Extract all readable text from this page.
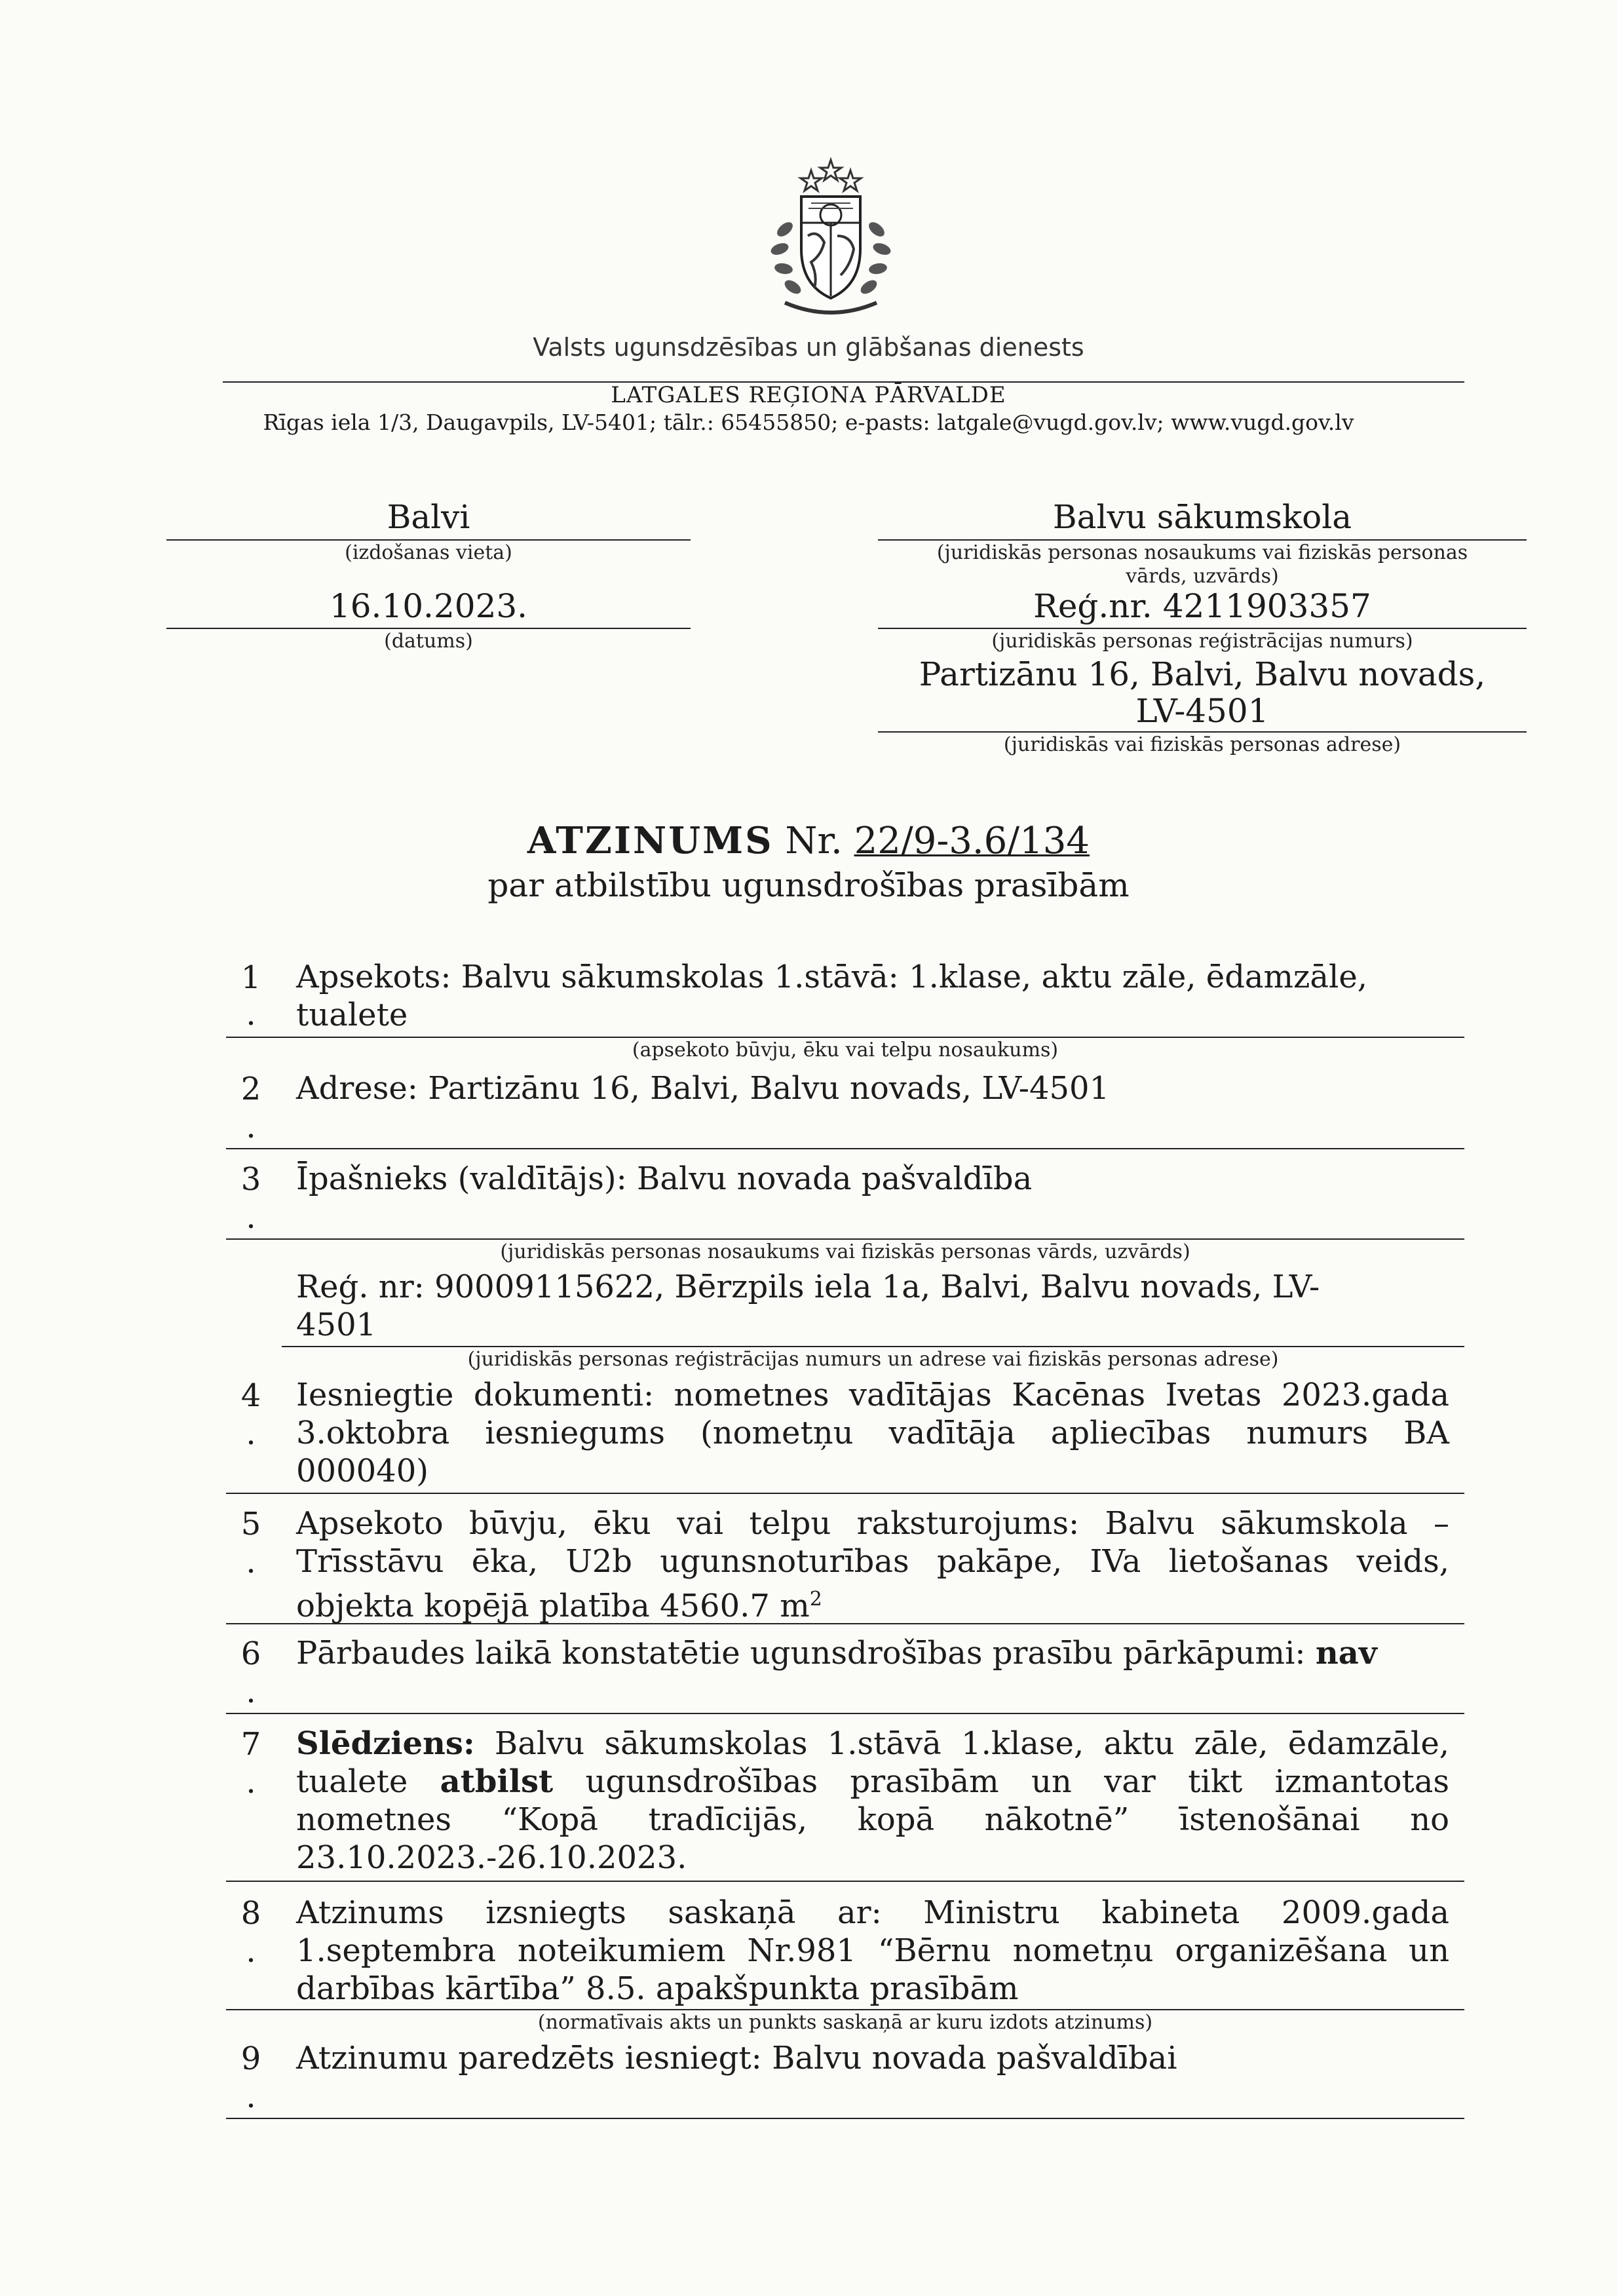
Valsts ugunsdzēsības un glābšanas dienests
LATGALES REĢIONA PĀRVALDE
Rīgas iela 1/3, Daugavpils, LV-5401; tālr.: 65455850; e-pasts: latgale@vugd.gov.lv; www.vugd.gov.lv
Balvi
(izdošanas vieta)
16.10.2023.
(datums)
Balvu sākumskola
(juridiskās personas nosaukums vai fiziskās personas
vārds, uzvārds)
Reģ.nr. 4211903357
(juridiskās personas reģistrācijas numurs)
Partizānu 16, Balvi, Balvu novads,
LV-4501
(juridiskās vai fiziskās personas adrese)
ATZINUMS Nr. 22/9-3.6/134
par atbilstību ugunsdrošības prasībām
1
.
Apsekots: Balvu sākumskolas 1.stāvā: 1.klase, aktu zāle, ēdamzāle,
tualete
(apsekoto būvju, ēku vai telpu nosaukums)
2
.
Adrese: Partizānu 16, Balvi, Balvu novads, LV-4501
3
.
Īpašnieks (valdītājs): Balvu novada pašvaldība
(juridiskās personas nosaukums vai fiziskās personas vārds, uzvārds)
Reģ. nr: 90009115622, Bērzpils iela 1a, Balvi, Balvu novads, LV-
4501
(juridiskās personas reģistrācijas numurs un adrese vai fiziskās personas adrese)
4
.
Iesniegtie dokumenti: nometnes vadītājas Kacēnas Ivetas 2023.gada
3.oktobra iesniegums (nometņu vadītāja apliecības numurs BA
000040)
5
.
Apsekoto būvju, ēku vai telpu raksturojums: Balvu sākumskola –
Trīsstāvu ēka, U2b ugunsnoturības pakāpe, IVa lietošanas veids,
objekta kopējā platība 4560.7 $m^2$
6
.
Pārbaudes laikā konstatētie ugunsdrošības prasību pārkāpumi: nav
7
.
Slēdziens: Balvu sākumskolas 1.stāvā 1.klase, aktu zāle, ēdamzāle,
tualete atbilst ugunsdrošības prasībām un var tikt izmantotas
nometnes “Kopā tradīcijās, kopā nākotnē” īstenošānai no
23.10.2023.-26.10.2023.
8
.
Atzinums izsniegts saskaņā ar: Ministru kabineta 2009.gada
1.septembra noteikumiem Nr.981 “Bērnu nometņu organizēšana un
darbības kārtība” 8.5. apakšpunkta prasībām
(normatīvais akts un punkts saskaņā ar kuru izdots atzinums)
9
.
Atzinumu paredzēts iesniegt: Balvu novada pašvaldībai
